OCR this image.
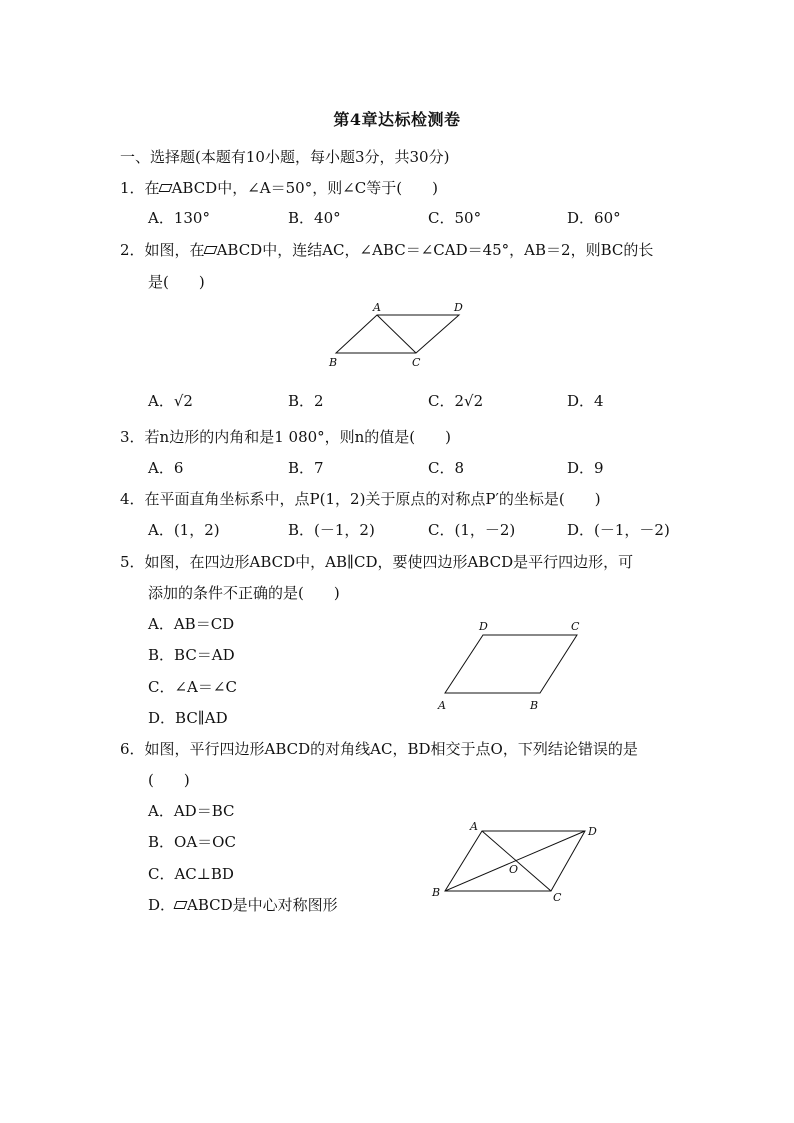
第4章达标检测卷
一、选择题(本题有10小题，每小题3分，共30分)
1．在 ABCD中，∠A＝50°，则∠C等于(　　)
A．130°	B．40°	C．50°	D．60°
2．如图，在 ABCD中，连结AC，∠ABC＝∠CAD＝45°，AB＝2，则BC的长
是(　　)
A	D
B	C
A．√2	B．2	C．2√2	D．4
3．若n边形的内角和是1 080°，则n的值是(　　)
A．6	B．7	C．8	D．9
4．在平面直角坐标系中，点P(1，2)关于原点的对称点P′的坐标是(　　)
A．(1，2)	B．(－1，2)	C．(1，－2)	D．(－1，－2)
5．如图，在四边形ABCD中，AB∥CD，要使四边形ABCD是平行四边形，可
添加的条件不正确的是(　　)
A．AB＝CD
B．BC＝AD
C．∠A＝∠C
D．BC∥AD
D	C
A	B
6．如图，平行四边形ABCD的对角线AC，BD相交于点O，下列结论错误的是
(　　)
A．AD＝BC
B．OA＝OC
C．AC⊥BD
D． ABCD是中心对称图形
A	D
O
B	C
